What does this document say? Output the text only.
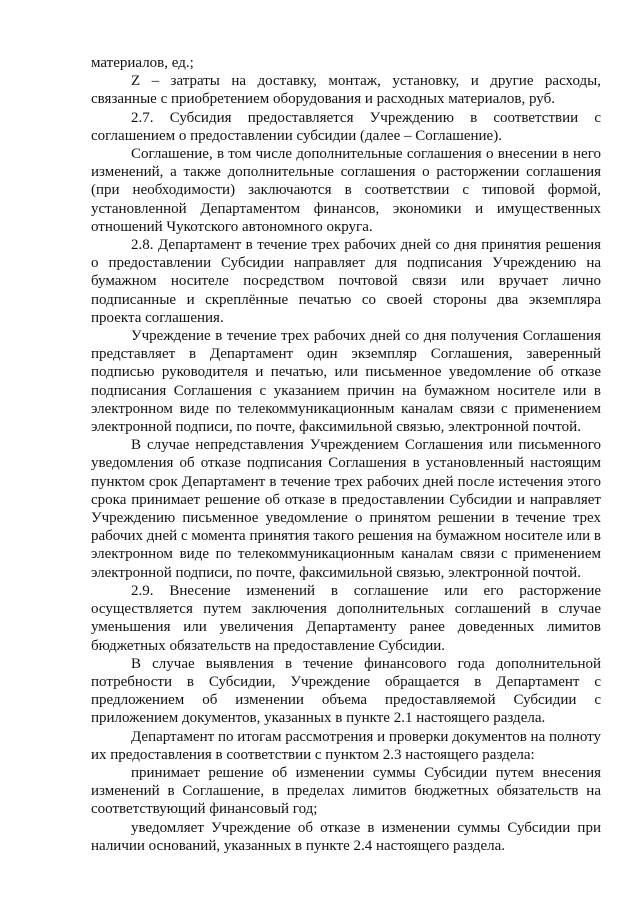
материалов, ед.;

Z – затраты на доставку, монтаж, установку, и другие расходы, связанные с приобретением оборудования и расходных материалов, руб.

2.7. Субсидия предоставляется Учреждению в соответствии с соглашением о предоставлении субсидии (далее – Соглашение).

Соглашение, в том числе дополнительные соглашения о внесении в него изменений, а также дополнительные соглашения о расторжении соглашения (при необходимости) заключаются в соответствии с типовой формой, установленной Департаментом финансов, экономики и имущественных отношений Чукотского автономного округа.

2.8. Департамент в течение трех рабочих дней со дня принятия решения о предоставлении Субсидии направляет для подписания Учреждению на бумажном носителе посредством почтовой связи или вручает лично подписанные и скреплённые печатью со своей стороны два экземпляра проекта соглашения.

Учреждение в течение трех рабочих дней со дня получения Соглашения представляет в Департамент один экземпляр Соглашения, заверенный подписью руководителя и печатью, или письменное уведомление об отказе подписания Соглашения с указанием причин на бумажном носителе или в электронном виде по телекоммуникационным каналам связи с применением электронной подписи, по почте, факсимильной связью, электронной почтой.

В случае непредставления Учреждением Соглашения или письменного уведомления об отказе подписания Соглашения в установленный настоящим пунктом срок Департамент в течение трех рабочих дней после истечения этого срока принимает решение об отказе в предоставлении Субсидии и направляет Учреждению письменное уведомление о принятом решении в течение трех рабочих дней с момента принятия такого решения на бумажном носителе или в электронном виде по телекоммуникационным каналам связи с применением электронной подписи, по почте, факсимильной связью, электронной почтой.

2.9. Внесение изменений в соглашение или его расторжение осуществляется путем заключения дополнительных соглашений в случае уменьшения или увеличения Департаменту ранее доведенных лимитов бюджетных обязательств на предоставление Субсидии.

В случае выявления в течение финансового года дополнительной потребности в Субсидии, Учреждение обращается в Департамент с предложением об изменении объема предоставляемой Субсидии с приложением документов, указанных в пункте 2.1 настоящего раздела.

Департамент по итогам рассмотрения и проверки документов на полноту их предоставления в соответствии с пунктом 2.3 настоящего раздела:

принимает решение об изменении суммы Субсидии путем внесения изменений в Соглашение, в пределах лимитов бюджетных обязательств на соответствующий финансовый год;

уведомляет Учреждение об отказе в изменении суммы Субсидии при наличии оснований, указанных в пункте 2.4 настоящего раздела.
